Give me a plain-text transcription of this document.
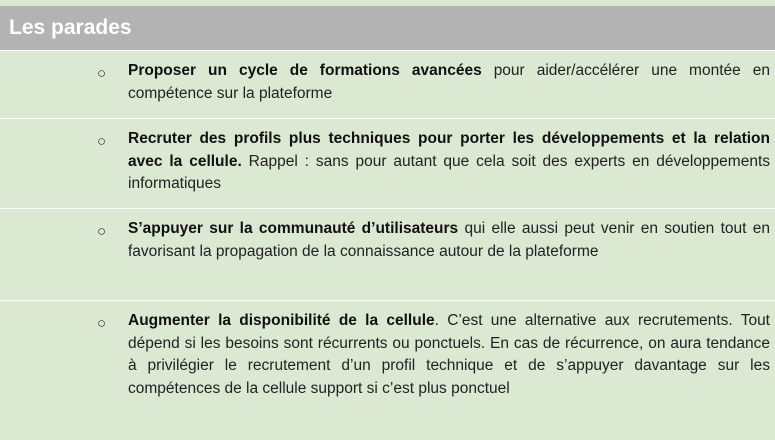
Les parades
○ Proposer un cycle de formations avancées pour aider/accélérer une montée en compétence sur la plateforme
○ Recruter des profils plus techniques pour porter les développements et la relation avec la cellule. Rappel : sans pour autant que cela soit des experts en développements informatiques
○ S’appuyer sur la communauté d’utilisateurs qui elle aussi peut venir en soutien tout en favorisant la propagation de la connaissance autour de la plateforme
○ Augmenter la disponibilité de la cellule. C’est une alternative aux recrutements. Tout dépend si les besoins sont récurrents ou ponctuels. En cas de récurrence, on aura tendance à privilégier le recrutement d’un profil technique et de s’appuyer davantage sur les compétences de la cellule support si c’est plus ponctuel
